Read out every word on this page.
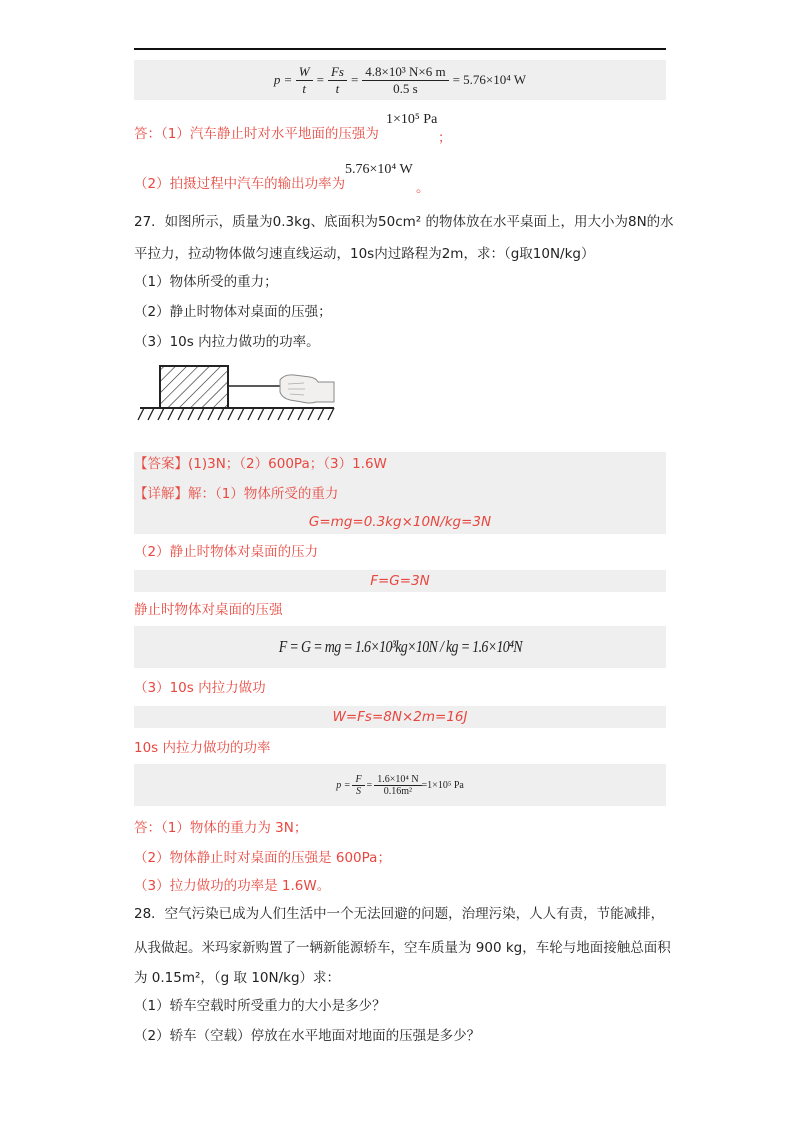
$p = \frac{W}{t} = \frac{Fs}{t} = \frac{\text{4.8×10³ N×6 m}}{0.5 s} = 5.76\times 10^4$ W
答：（1）汽车静止时对水平地面的压强为
1×10⁵ Pa
；
（2）拍摄过程中汽车的输出功率为
5.76×10⁴ W
。
27．如图所示，质量为0.3kg、底面积为50cm² 的物体放在水平桌面上，用大小为8N的水
平拉力，拉动物体做匀速直线运动，10s内过路程为2m，求：（g取10N/kg）
（1）物体所受的重力；
（2）静止时物体对桌面的压强；
（3）10s 内拉力做功的功率。
【答案】(1)3N；（2）600Pa；（3）1.6W
【详解】解：（1）物体所受的重力
G=mg=0.3kg×10N/kg=3N
（2）静止时物体对桌面的压力
F=G=3N
静止时物体对桌面的压强
F = G = mg = 1.6×10³kg×10N / kg = 1.6×10⁴N
（3）10s 内拉力做功
W=Fs=8N×2m=16J
10s 内拉力做功的功率
$p = \frac{F}{S} = \frac{\text{1.6×10⁴ N}}{\text{0.16m²}} =1\times 10^5$ Pa
答：（1）物体的重力为 3N；
（2）物体静止时对桌面的压强是 600Pa；
（3）拉力做功的功率是 1.6W。
28．空气污染已成为人们生活中一个无法回避的问题，治理污染，人人有责，节能减排，
从我做起。米玛家新购置了一辆新能源轿车，空车质量为 900 kg，车轮与地面接触总面积
为 0.15m²，（g 取 10N/kg）求：
（1）轿车空载时所受重力的大小是多少？
（2）轿车（空载）停放在水平地面对地面的压强是多少？
